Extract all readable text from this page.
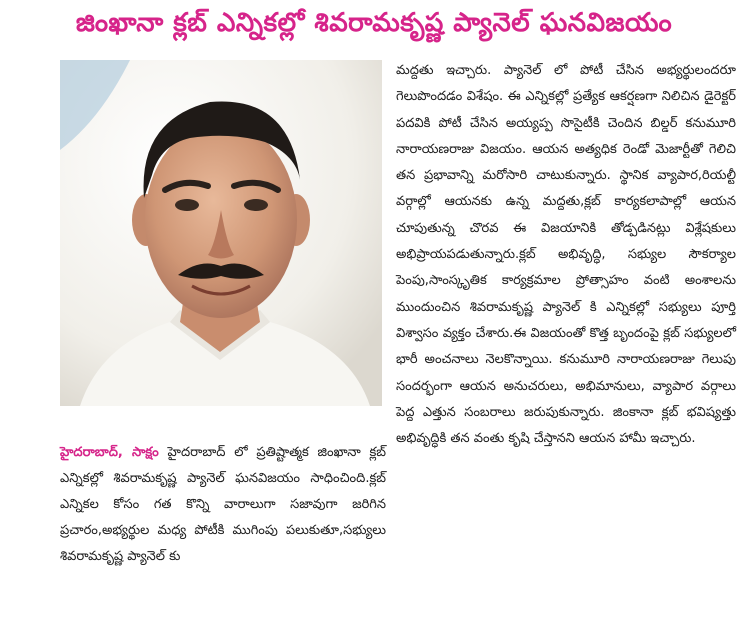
జింఖానా క్లబ్ ఎన్నికల్లో శివరామకృష్ణ ప్యానెల్ ఘనవిజయం

హైదరాబాద్, సాక్షం హైదరాబాద్ లో ప్రతిష్టాత్మక జింఖానా క్లబ్ ఎన్నికల్లో శివరామకృష్ణ ప్యానెల్ ఘనవిజయం సాధించింది.క్లబ్ ఎన్నికల కోసం గత కొన్ని వారాలుగా సజావుగా జరిగిన ప్రచారం,అభ్యర్థుల మధ్య పోటీకి ముగింపు పలుకుతూ,సభ్యులు శివరామకృష్ణ ప్యానెల్ కు

మద్దతు ఇచ్చారు. ప్యానెల్ లో పోటీ చేసిన అభ్యర్థులందరూ గెలుపొందడం విశేషం. ఈ ఎన్నికల్లో ప్రత్యేక ఆకర్షణగా నిలిచిన డైరెక్టర్ పదవికి పోటీ చేసిన అయ్యప్ప సొసైటీకి చెందిన బిల్డర్ కనుమూరి నారాయణరాజు విజయం. ఆయన అత్యధిక రెండో మెజార్టీతో గెలిచి తన ప్రభావాన్ని మరోసారి చాటుకున్నారు. స్థానిక వ్యాపార,రియల్టీ వర్గాల్లో ఆయనకు ఉన్న మద్దతు,క్లబ్ కార్యకలాపాల్లో ఆయన చూపుతున్న చొరవ ఈ విజయానికి తోడ్పడినట్లు విశ్లేషకులు అభిప్రాయపడుతున్నారు.క్లబ్ అభివృద్ధి, సభ్యుల సౌకర్యాల పెంపు,సాంస్కృతిక కార్యక్రమాల ప్రోత్సాహం వంటి అంశాలను ముందుంచిన శివరామకృష్ణ ప్యానెల్ కి ఎన్నికల్లో సభ్యులు పూర్తి విశ్వాసం వ్యక్తం చేశారు.ఈ విజయంతో కొత్త బృందంపై క్లబ్ సభ్యులలో భారీ అంచనాలు నెలకొన్నాయి. కనుమూరి నారాయణరాజు గెలుపు సందర్భంగా ఆయన అనుచరులు, అభిమానులు, వ్యాపార వర్గాలు పెద్ద ఎత్తున సంబరాలు జరుపుకున్నారు. జింకానా క్లబ్ భవిష్యత్తు అభివృద్ధికి తన వంతు కృషి చేస్తానని ఆయన హామీ ఇచ్చారు.
